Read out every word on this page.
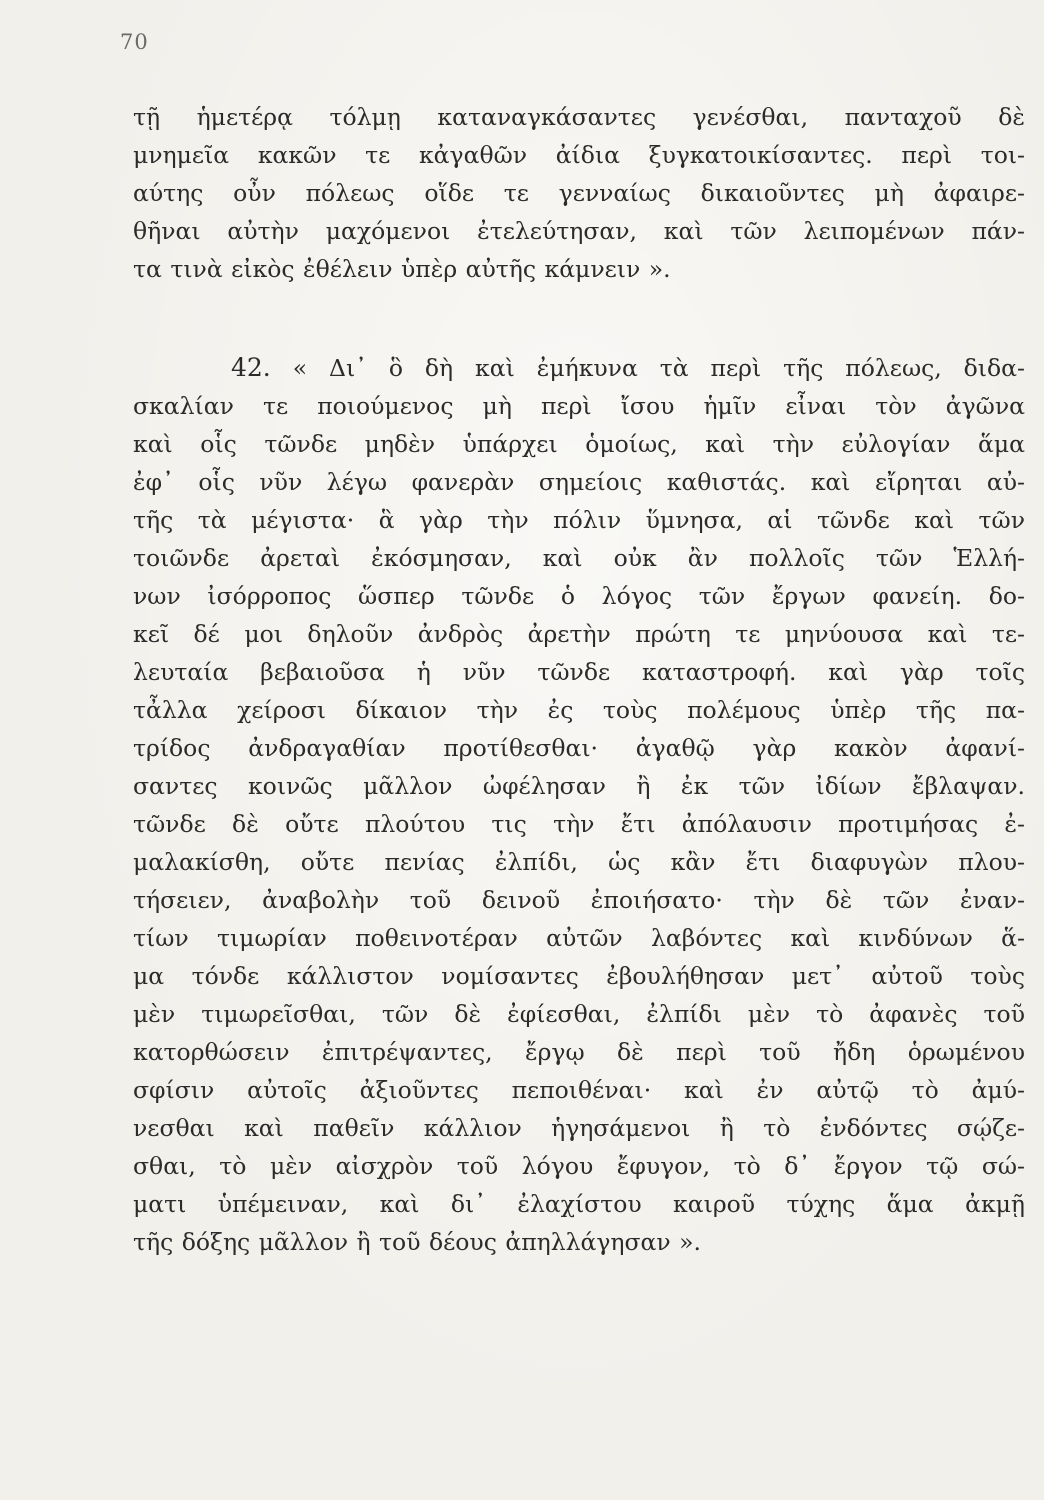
70
τῇ ἡμετέρᾳ τόλμῃ καταναγκάσαντες γενέσθαι, πανταχοῦ δὲ
μνημεῖα κακῶν τε κἀγαθῶν ἀίδια ξυγκατοικίσαντες. περὶ τοι-
αύτης οὖν πόλεως οἵδε τε γενναίως δικαιοῦντες μὴ ἀφαιρε-
θῆναι αὐτὴν μαχόμενοι ἐτελεύτησαν, καὶ τῶν λειπομένων πάν-
τα τινὰ εἰκὸς ἐθέλειν ὑπὲρ αὐτῆς κάμνειν ».
42. « Δι᾽ ὃ δὴ καὶ ἐμήκυνα τὰ περὶ τῆς πόλεως, διδα-
σκαλίαν τε ποιούμενος μὴ περὶ ἴσου ἡμῖν εἶναι τὸν ἀγῶνα
καὶ οἷς τῶνδε μηδὲν ὑπάρχει ὁμοίως, καὶ τὴν εὐλογίαν ἅμα
ἐφ᾽ οἷς νῦν λέγω φανερὰν σημείοις καθιστάς. καὶ εἴρηται αὐ-
τῆς τὰ μέγιστα· ἃ γὰρ τὴν πόλιν ὕμνησα, αἱ τῶνδε καὶ τῶν
τοιῶνδε ἀρεταὶ ἐκόσμησαν, καὶ οὐκ ἂν πολλοῖς τῶν Ἑλλή-
νων ἰσόρροπος ὥσπερ τῶνδε ὁ λόγος τῶν ἔργων φανείη. δο-
κεῖ δέ μοι δηλοῦν ἀνδρὸς ἀρετὴν πρώτη τε μηνύουσα καὶ τε-
λευταία βεβαιοῦσα ἡ νῦν τῶνδε καταστροφή. καὶ γὰρ τοῖς
τἆλλα χείροσι δίκαιον τὴν ἐς τοὺς πολέμους ὑπὲρ τῆς πα-
τρίδος ἀνδραγαθίαν προτίθεσθαι· ἀγαθῷ γὰρ κακὸν ἀφανί-
σαντες κοινῶς μᾶλλον ὠφέλησαν ἢ ἐκ τῶν ἰδίων ἔβλαψαν.
τῶνδε δὲ οὔτε πλούτου τις τὴν ἔτι ἀπόλαυσιν προτιμήσας ἐ-
μαλακίσθη, οὔτε πενίας ἐλπίδι, ὡς κἂν ἔτι διαφυγὼν πλου-
τήσειεν, ἀναβολὴν τοῦ δεινοῦ ἐποιήσατο· τὴν δὲ τῶν ἐναν-
τίων τιμωρίαν ποθεινοτέραν αὐτῶν λαβόντες καὶ κινδύνων ἅ-
μα τόνδε κάλλιστον νομίσαντες ἐβουλήθησαν μετ᾽ αὐτοῦ τοὺς
μὲν τιμωρεῖσθαι, τῶν δὲ ἐφίεσθαι, ἐλπίδι μὲν τὸ ἀφανὲς τοῦ
κατορθώσειν ἐπιτρέψαντες, ἔργῳ δὲ περὶ τοῦ ἤδη ὁρωμένου
σφίσιν αὐτοῖς ἀξιοῦντες πεποιθέναι· καὶ ἐν αὐτῷ τὸ ἀμύ-
νεσθαι καὶ παθεῖν κάλλιον ἡγησάμενοι ἢ τὸ ἐνδόντες σῴζε-
σθαι, τὸ μὲν αἰσχρὸν τοῦ λόγου ἔφυγον, τὸ δ᾽ ἔργον τῷ σώ-
ματι ὑπέμειναν, καὶ δι᾽ ἐλαχίστου καιροῦ τύχης ἅμα ἀκμῇ
τῆς δόξης μᾶλλον ἢ τοῦ δέους ἀπηλλάγησαν ».
